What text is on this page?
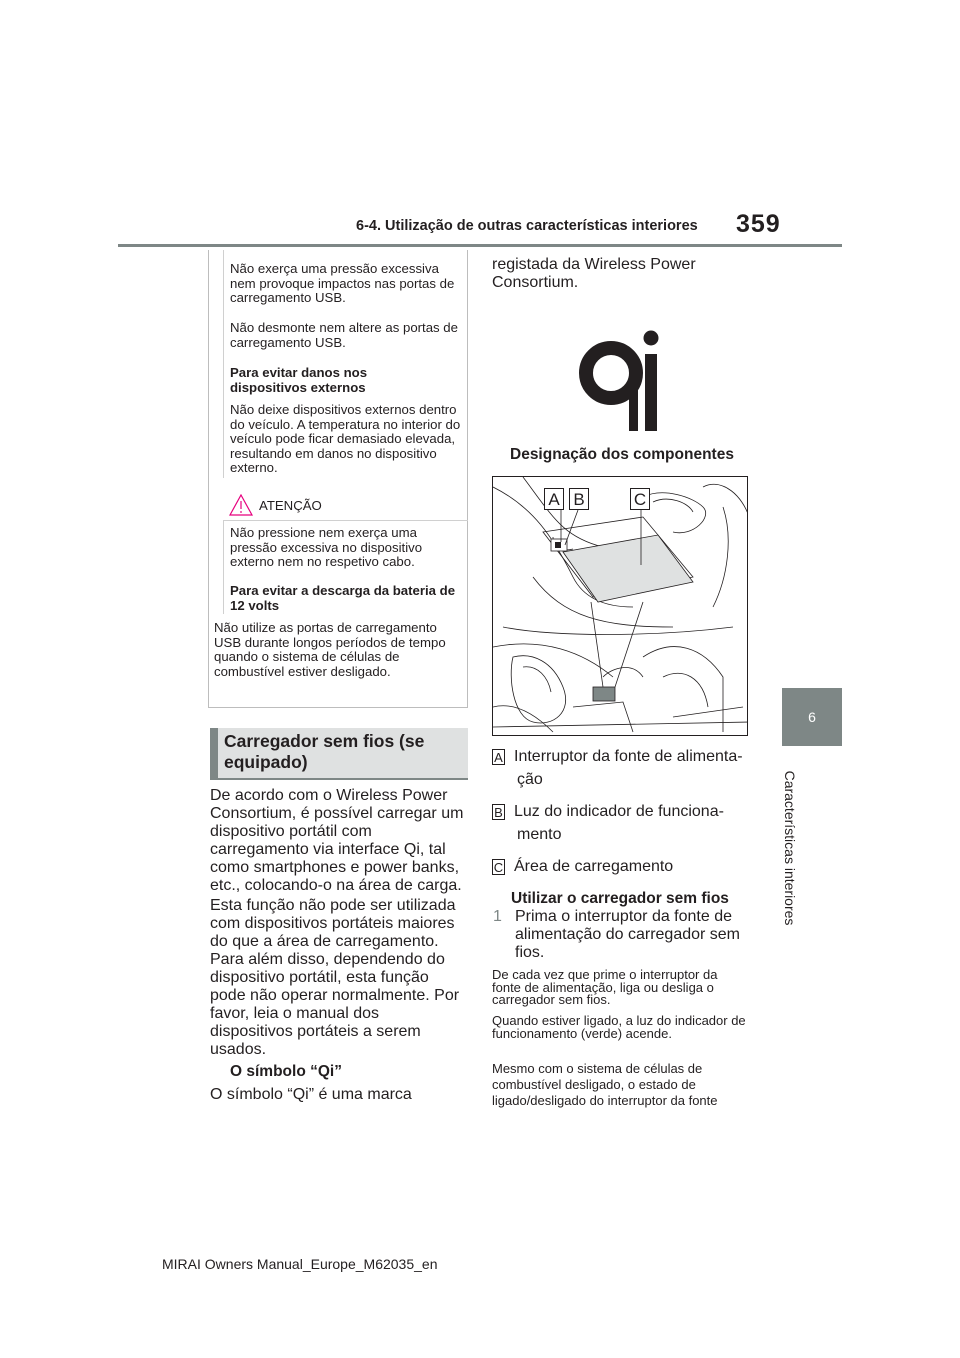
6-4. Utilização de outras características interiores 359
6
Características interiores
Não exerça uma pressão excessiva nem provoque impactos nas portas de carregamento USB.
Não desmonte nem altere as portas de carregamento USB.
Para evitar danos nos dispositivos externos
Não deixe dispositivos externos dentro do veículo. A temperatura no interior do veículo pode ficar demasiado elevada, resultando em danos no dispositivo externo.
ATENÇÃO
Não pressione nem exerça uma pressão excessiva no dispositivo externo nem no respetivo cabo.
Para evitar a descarga da bateria de 12 volts
Não utilize as portas de carregamento USB durante longos períodos de tempo quando o sistema de células de combustível estiver desligado.
Carregador sem fios (se equipado)
De acordo com o Wireless Power Consortium, é possível carregar um dispositivo portátil com carregamento via interface Qi, tal como smartphones e power banks, etc., colocando-o na área de carga.
Esta função não pode ser utilizada com dispositivos portáteis maiores do que a área de carregamento. Para além disso, dependendo do dispositivo portátil, esta função pode não operar normalmente. Por favor, leia o manual dos dispositivos portáteis a serem usados.
O símbolo “Qi”
O símbolo “Qi” é uma marca
registada da Wireless Power Consortium.
Designação dos componentes
A B	C
A Interruptor da fonte de alimenta-
ção
B Luz do indicador de funciona-
mento
C Área de carregamento
Utilizar o carregador sem fios
1 Prima o interruptor da fonte de alimentação do carregador sem fios.
De cada vez que prime o interruptor da fonte de alimentação, liga ou desliga o carregador sem fios.
Quando estiver ligado, a luz do indicador de funcionamento (verde) acende.
Mesmo com o sistema de células de combustível desligado, o estado de ligado/desligado do interruptor da fonte
MIRAI Owners Manual_Europe_M62035_en
